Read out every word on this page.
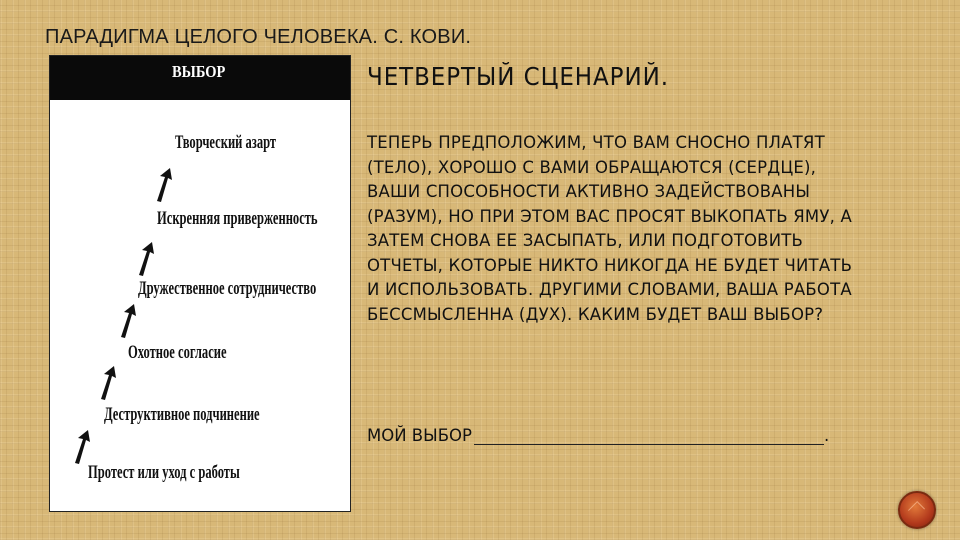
ПАРАДИГМА ЦЕЛОГО ЧЕЛОВЕКА. С. КОВИ.
ВЫБОР
Творческий азарт
Искренняя приверженность
Дружественное сотрудничество
Охотное согласие
Деструктивное подчинение
Протест или уход с работы
ЧЕТВЕРТЫЙ СЦЕНАРИЙ.
ТЕПЕРЬ ПРЕДПОЛОЖИМ, ЧТО ВАМ СНОСНО ПЛАТЯТ (ТЕЛО), ХОРОШО С ВАМИ ОБРАЩАЮТСЯ (СЕРДЦЕ), ВАШИ СПОСОБНОСТИ АКТИВНО ЗАДЕЙСТВОВАНЫ (РАЗУМ), НО ПРИ ЭТОМ ВАС ПРОСЯТ ВЫКОПАТЬ ЯМУ, А ЗАТЕМ СНОВА ЕЕ ЗАСЫПАТЬ, ИЛИ ПОДГОТОВИТЬ ОТЧЕТЫ, КОТОРЫЕ НИКТО НИКОГДА НЕ БУДЕТ ЧИТАТЬ И ИСПОЛЬЗОВАТЬ. ДРУГИМИ СЛОВАМИ, ВАША РАБОТА БЕССМЫСЛЕННА (ДУХ). КАКИМ БУДЕТ ВАШ ВЫБОР?
МОЙ ВЫБОР	.
